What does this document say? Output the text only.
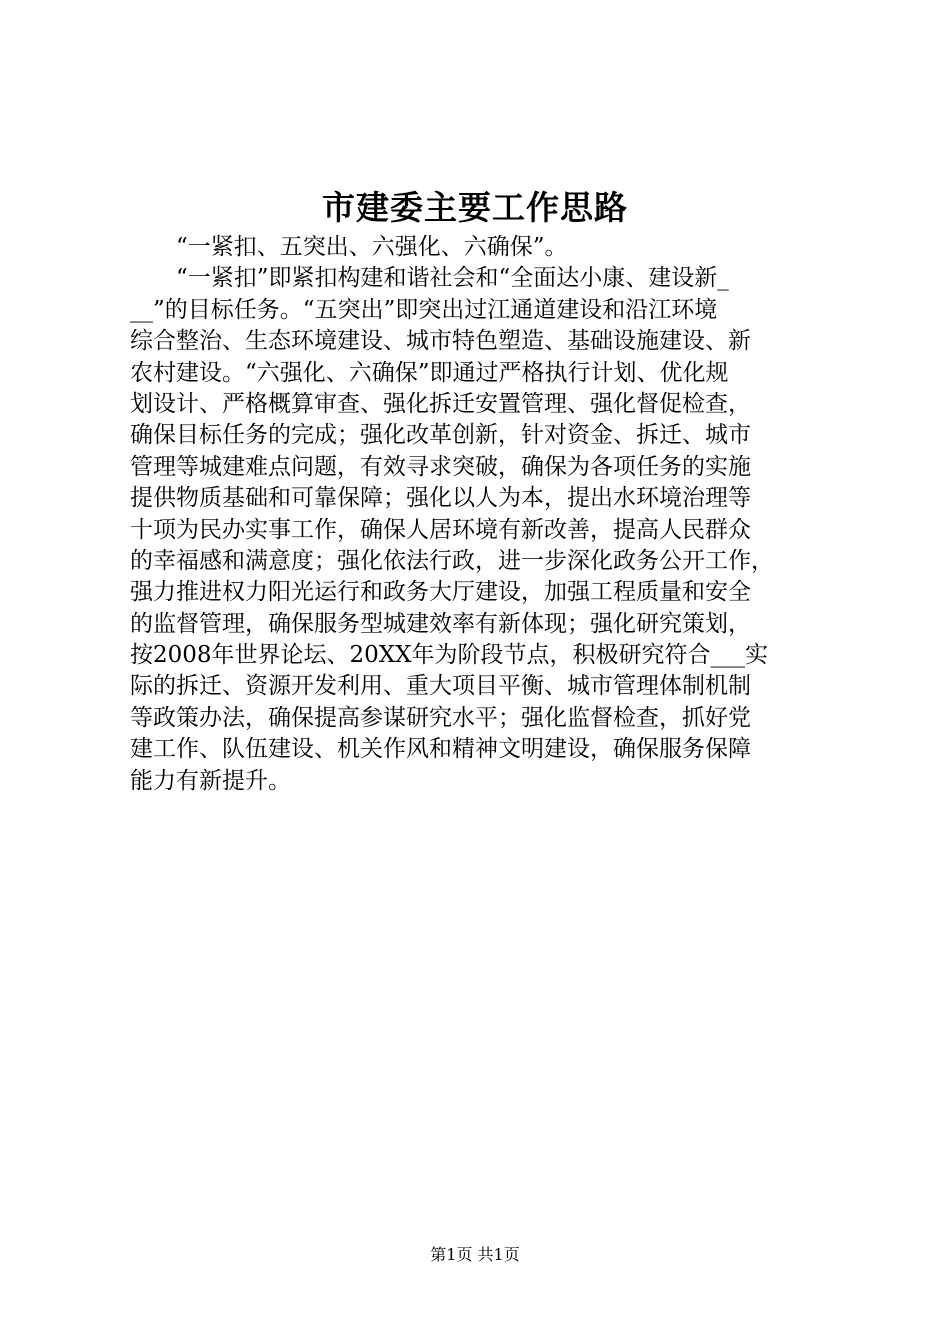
市建委主要工作思路
“一紧扣、五突出、六强化、六确保”。
“一紧扣”即紧扣构建和谐社会和“全面达小康、建设新_
__”的目标任务。“五突出”即突出过江通道建设和沿江环境
综合整治、生态环境建设、城市特色塑造、基础设施建设、新
农村建设。“六强化、六确保”即通过严格执行计划、优化规
划设计、严格概算审查、强化拆迁安置管理、强化督促检查，
确保目标任务的完成；强化改革创新，针对资金、拆迁、城市
管理等城建难点问题，有效寻求突破，确保为各项任务的实施
提供物质基础和可靠保障；强化以人为本，提出水环境治理等
十项为民办实事工作，确保人居环境有新改善，提高人民群众
的幸福感和满意度；强化依法行政，进一步深化政务公开工作，
强力推进权力阳光运行和政务大厅建设，加强工程质量和安全
的监督管理，确保服务型城建效率有新体现；强化研究策划，
按2008年世界论坛、20XX年为阶段节点，积极研究符合___实
际的拆迁、资源开发利用、重大项目平衡、城市管理体制机制
等政策办法，确保提高参谋研究水平；强化监督检查，抓好党
建工作、队伍建设、机关作风和精神文明建设，确保服务保障
能力有新提升。
第1页 共1页
